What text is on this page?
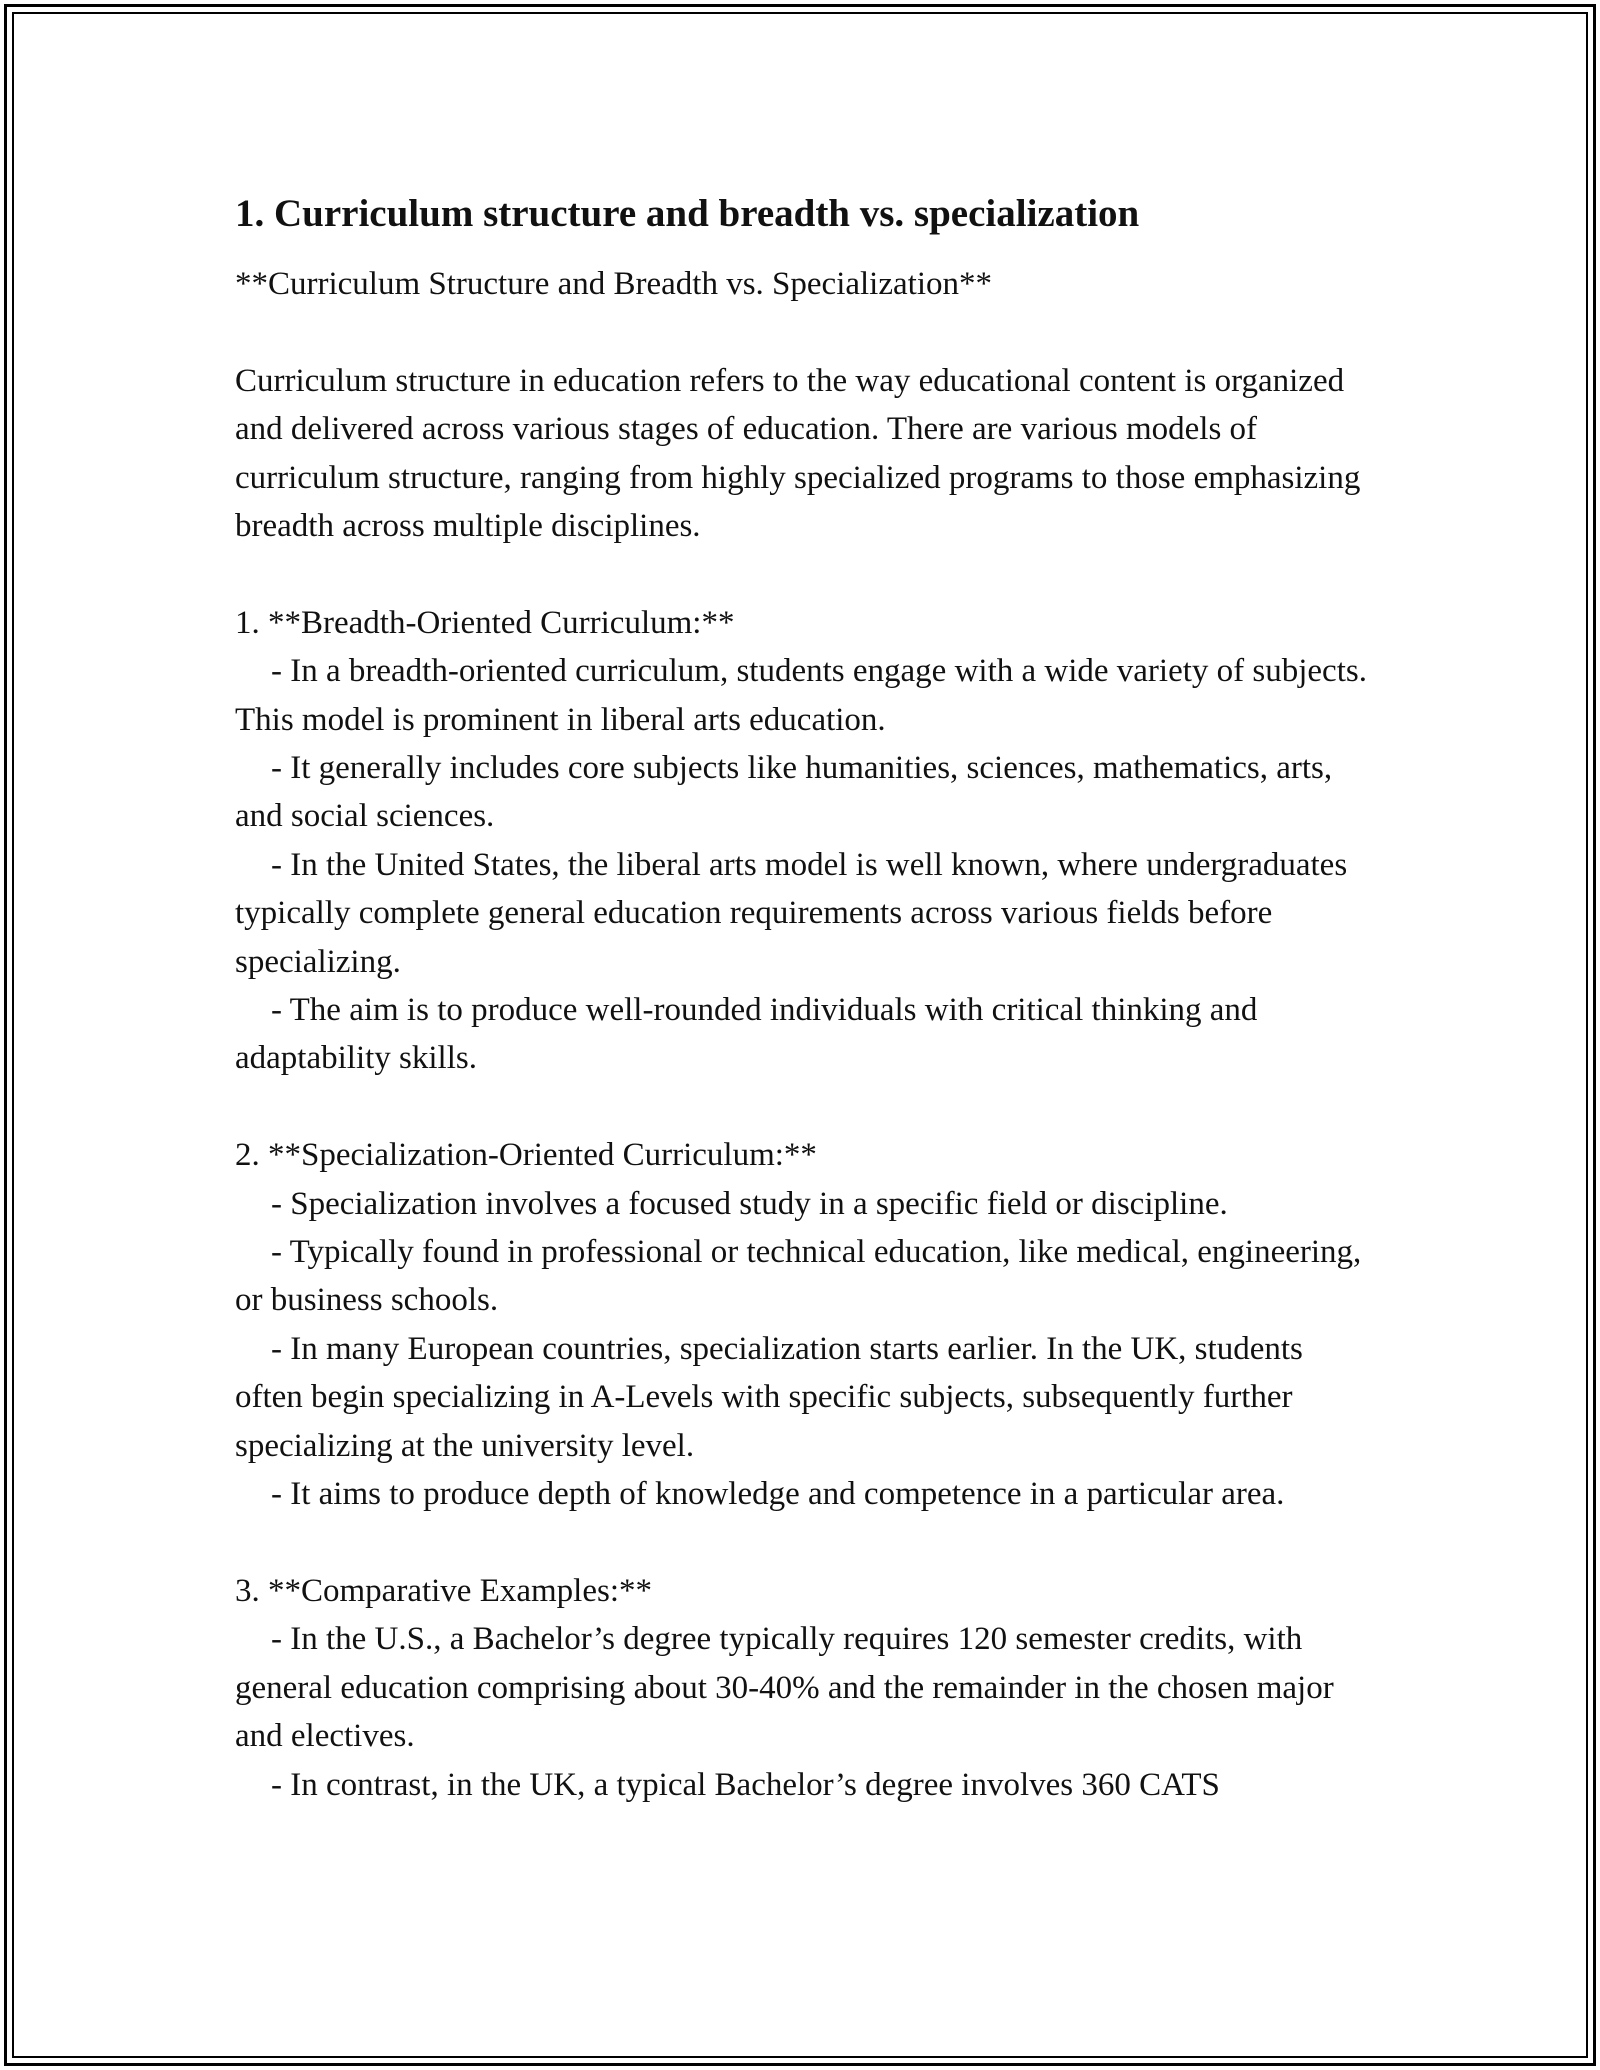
1. Curriculum structure and breadth vs. specialization

**Curriculum Structure and Breadth vs. Specialization**

Curriculum structure in education refers to the way educational content is organized and delivered across various stages of education. There are various models of curriculum structure, ranging from highly specialized programs to those emphasizing breadth across multiple disciplines.

1. **Breadth-Oriented Curriculum:**

- In a breadth-oriented curriculum, students engage with a wide variety of subjects. This model is prominent in liberal arts education.

- It generally includes core subjects like humanities, sciences, mathematics, arts, and social sciences.

- In the United States, the liberal arts model is well known, where undergraduates typically complete general education requirements across various fields before specializing.

- The aim is to produce well-rounded individuals with critical thinking and adaptability skills.

2. **Specialization-Oriented Curriculum:**

- Specialization involves a focused study in a specific field or discipline.

- Typically found in professional or technical education, like medical, engineering, or business schools.

- In many European countries, specialization starts earlier. In the UK, students often begin specializing in A-Levels with specific subjects, subsequently further specializing at the university level.

- It aims to produce depth of knowledge and competence in a particular area.

3. **Comparative Examples:**

- In the U.S., a Bachelor’s degree typically requires 120 semester credits, with general education comprising about 30-40% and the remainder in the chosen major and electives.

- In contrast, in the UK, a typical Bachelor’s degree involves 360 CATS
